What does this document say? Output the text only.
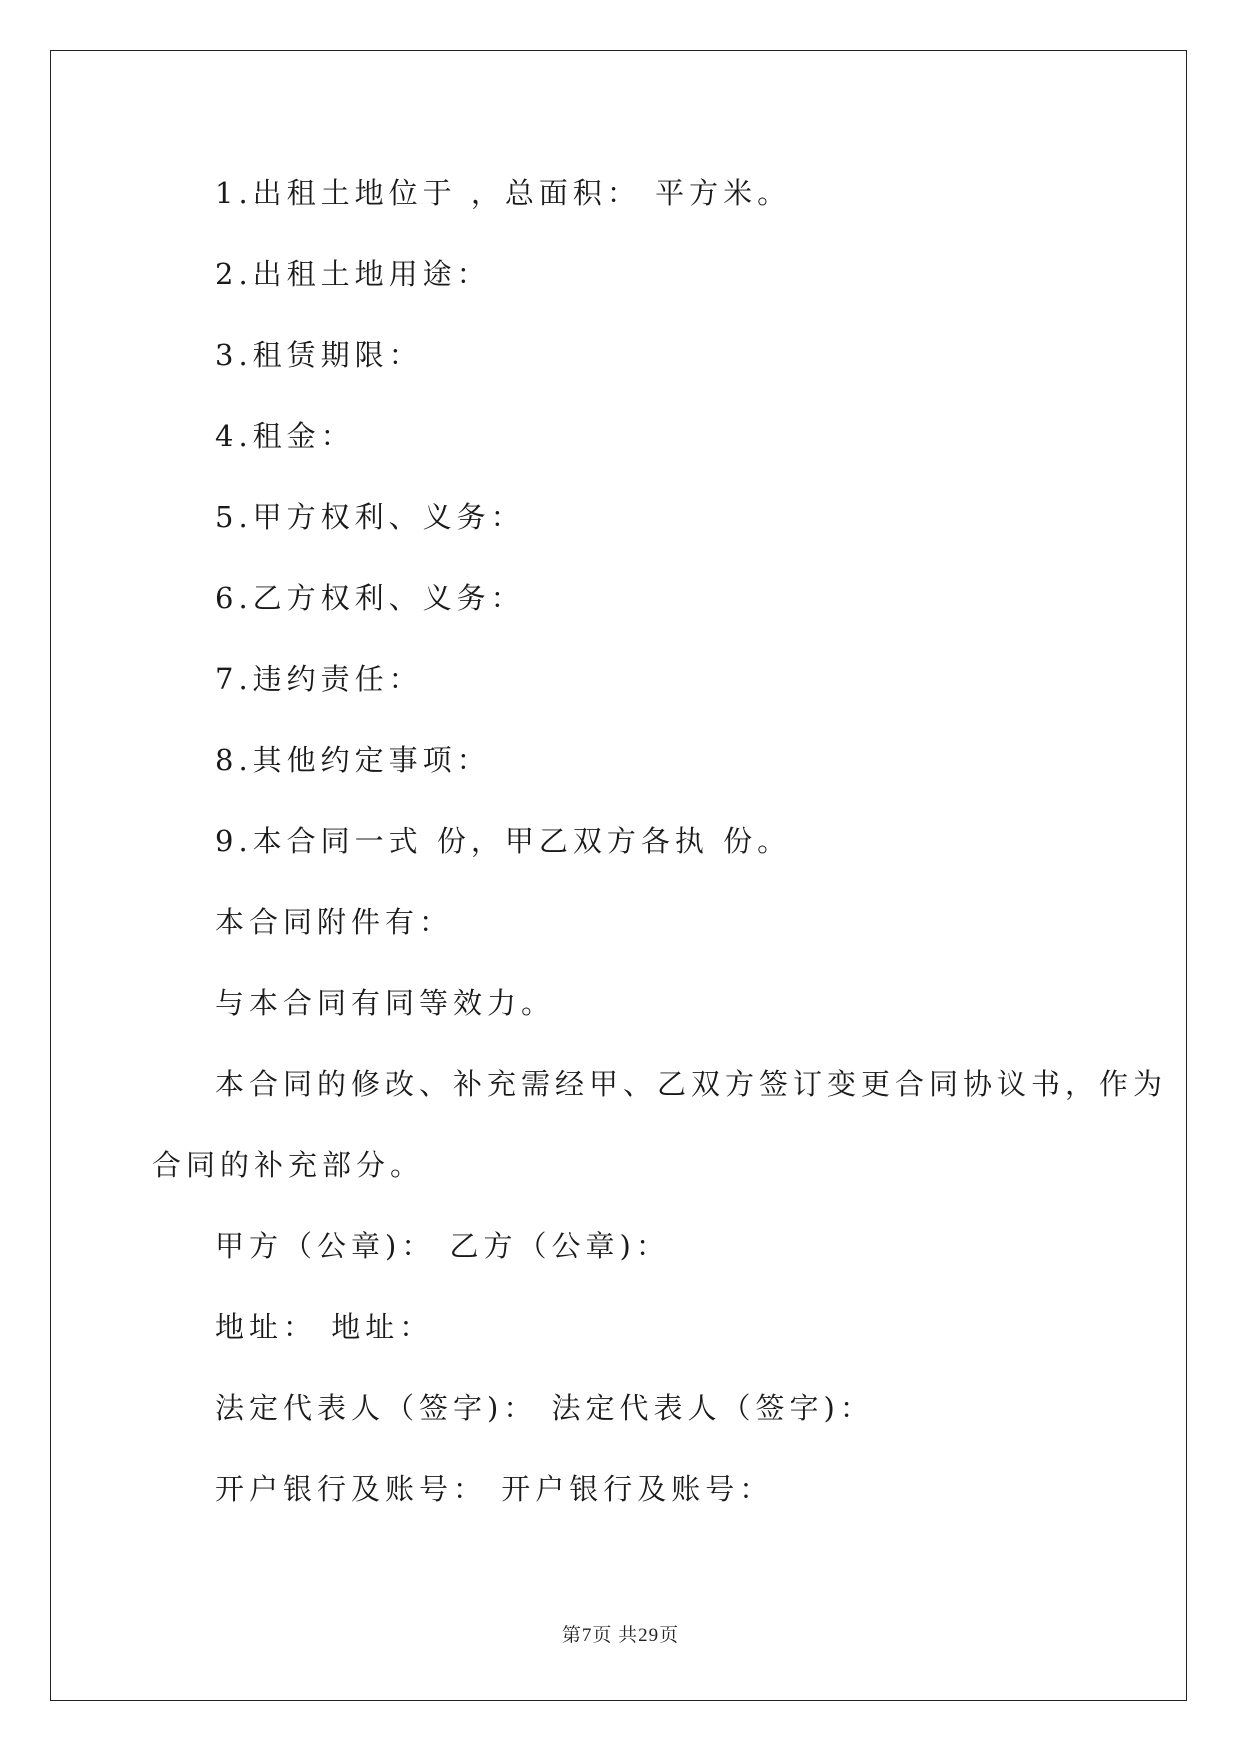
1.出租土地位于 ，总面积： 平方米。
2.出租土地用途：
3.租赁期限：
4.租金：
5.甲方权利、义务：
6.乙方权利、义务：
7.违约责任：
8.其他约定事项：
9.本合同一式 份，甲乙双方各执 份。
本合同附件有：
与本合同有同等效力。
本合同的修改、补充需经甲、乙双方签订变更合同协议书，作为
合同的补充部分。
甲方（公章)： 乙方（公章)：
地址： 地址：
法定代表人（签字)： 法定代表人（签字)：
开户银行及账号： 开户银行及账号：
第7页 共29页
